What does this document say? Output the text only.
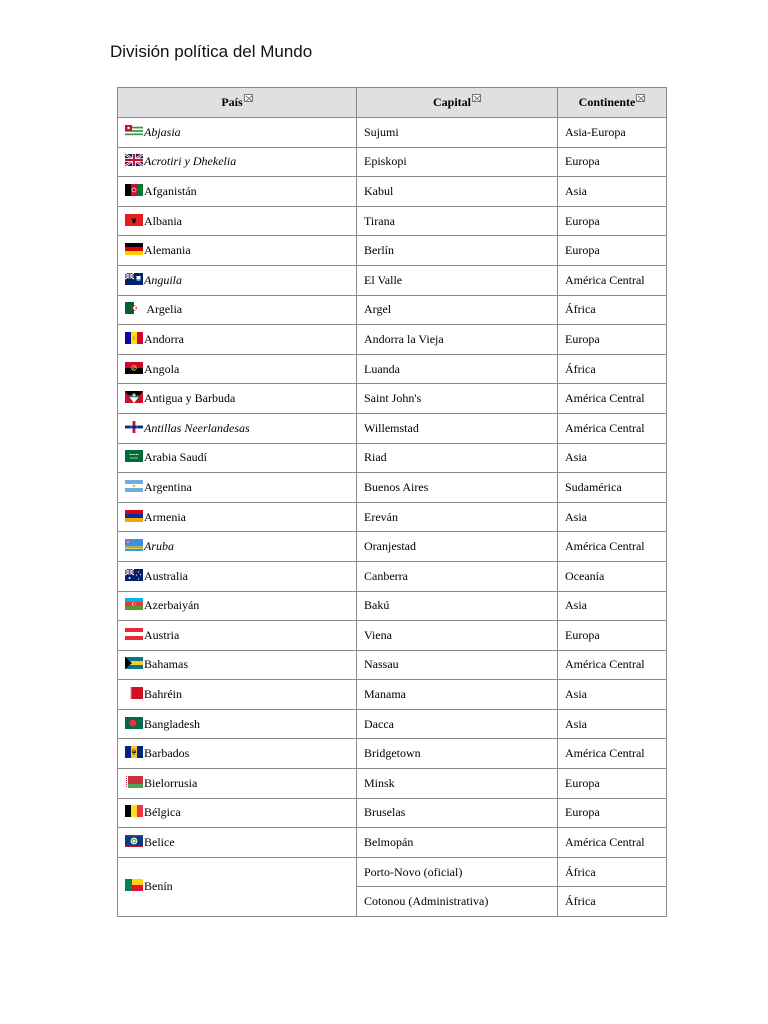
División política del Mundo
País	Capital	Continente

Abjasia	Sujumi	Asia-Europa

Acrotiri y Dhekelia	Episkopi	Europa

Afganistán	Kabul	Asia

Albania	Tirana	Europa

Alemania	Berlín	Europa

Anguila	El Valle	América Central

Argelia	Argel	África

Andorra	Andorra la Vieja	Europa

Angola	Luanda	África

Antigua y Barbuda	Saint John's	América Central

Antillas Neerlandesas	Willemstad	América Central

Arabia Saudí	Riad	Asia

Argentina	Buenos Aires	Sudamérica

Armenia	Ereván	Asia

Aruba	Oranjestad	América Central

Australia	Canberra	Oceanía

Azerbaiyán	Bakú	Asia

Austria	Viena	Europa

Bahamas	Nassau	América Central

Bahréin	Manama	Asia

Bangladesh	Dacca	Asia

Barbados	Bridgetown	América Central

Bielorrusia	Minsk	Europa

Bélgica	Bruselas	Europa

Belice	Belmopán	América Central

Benín	Porto-Novo (oficial)	África
	Cotonou (Administrativa)	África
